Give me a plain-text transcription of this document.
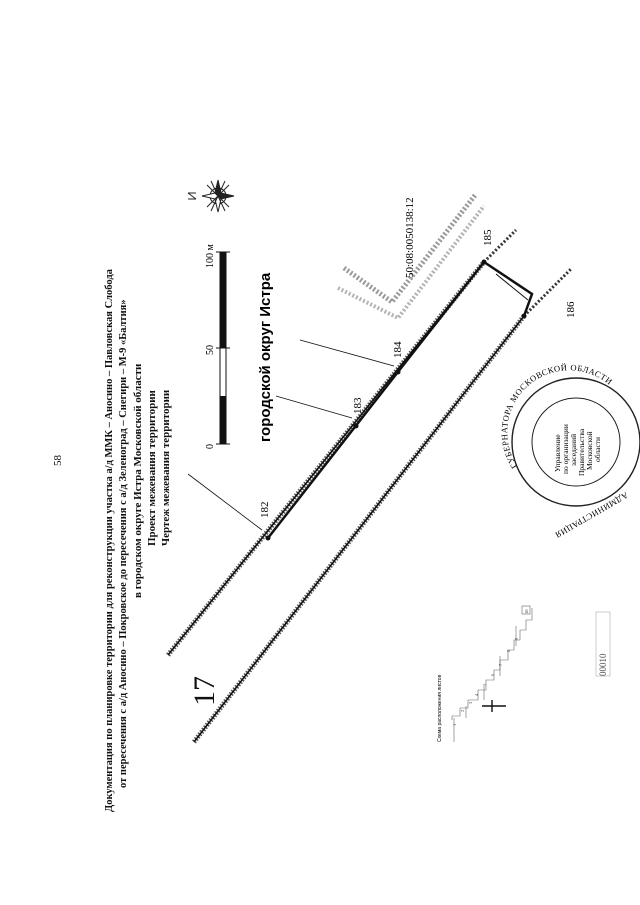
58	Документация по планировке территории для реконструкции участка а/д ММК – Аносино – Павловская Слобода от пересечения с а/д Аносино – Покровское до пересечения с а/д Зеленоград – Снегири – М-9 «Балтия» в городском округе Истра Московской области Проект межевания территории Чертеж межевания территории
17
0
50
100 м
городской округ Истра
50:08:0050138:12
182
183
184
185
186
ГУБЕРНАТОРА МОСКОВСКОЙ ОБЛАСТИ
АДМИНИСТРАЦИЯ
Управление по организации заседаний Правительства Московской области
00010
Схема расположения листов 1
2
3
4
5
6
7
8
9
10
